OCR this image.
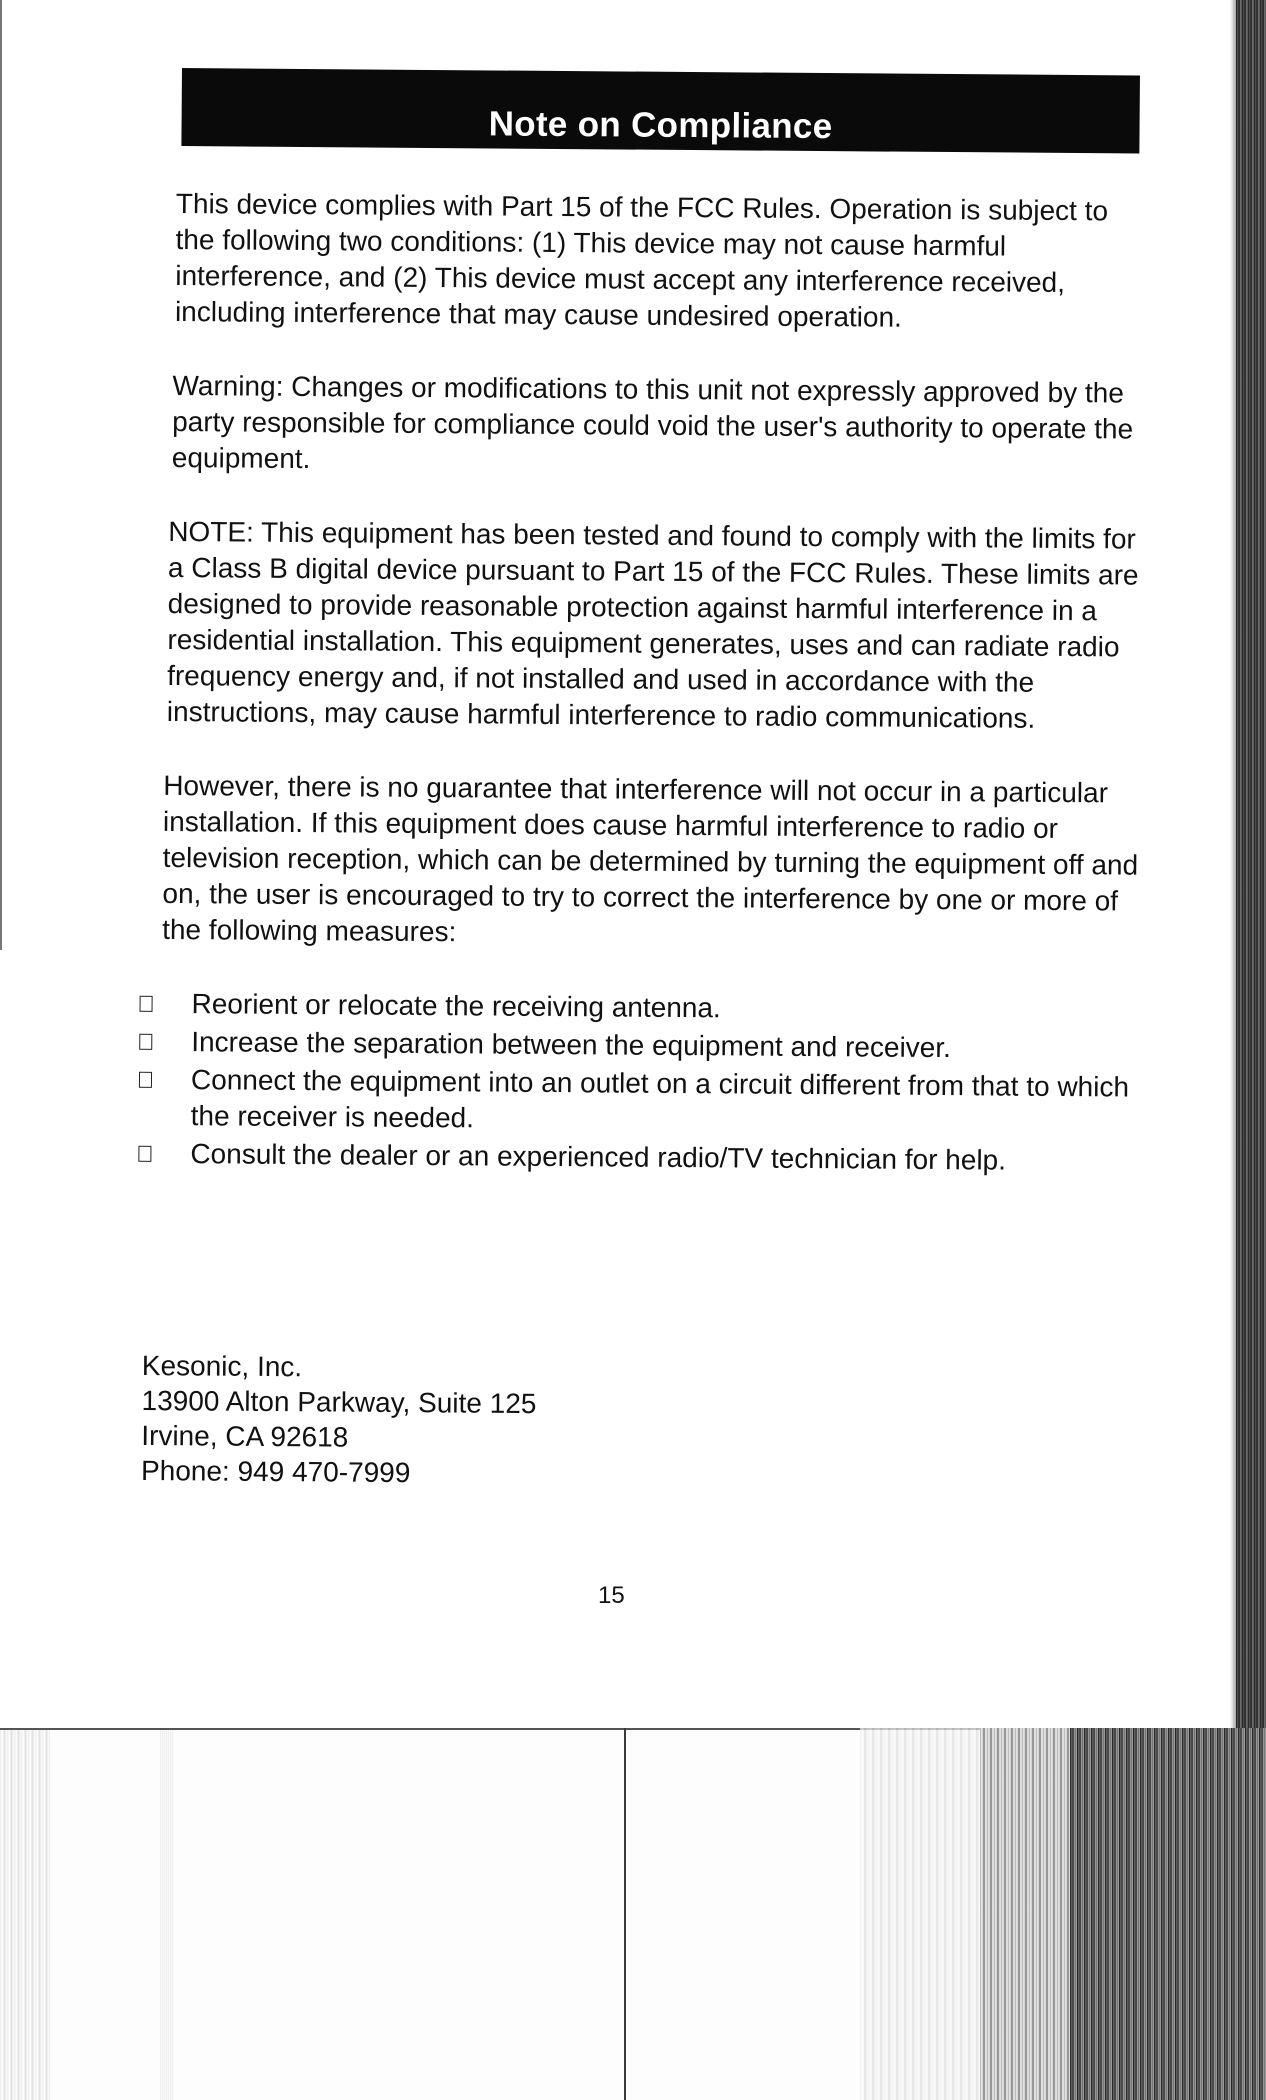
Note on Compliance

This device complies with Part 15 of the FCC Rules. Operation is subject to the following two conditions: (1) This device may not cause harmful interference, and (2) This device must accept any interference received, including interference that may cause undesired operation.

Warning: Changes or modifications to this unit not expressly approved by the party responsible for compliance could void the user's authority to operate the equipment.

NOTE: This equipment has been tested and found to comply with the limits for a Class B digital device pursuant to Part 15 of the FCC Rules. These limits are designed to provide reasonable protection against harmful interference in a residential installation. This equipment generates, uses and can radiate radio frequency energy and, if not installed and used in accordance with the instructions, may cause harmful interference to radio communications.

However, there is no guarantee that interference will not occur in a particular installation. If this equipment does cause harmful interference to radio or television reception, which can be determined by turning the equipment off and on, the user is encouraged to try to correct the interference by one or more of the following measures:

Reorient or relocate the receiving antenna.
Increase the separation between the equipment and receiver.
Connect the equipment into an outlet on a circuit different from that to which the receiver is needed.
Consult the dealer or an experienced radio/TV technician for help.
Kesonic, Inc.
13900 Alton Parkway, Suite 125
Irvine, CA 92618
Phone: 949 470-7999
15
